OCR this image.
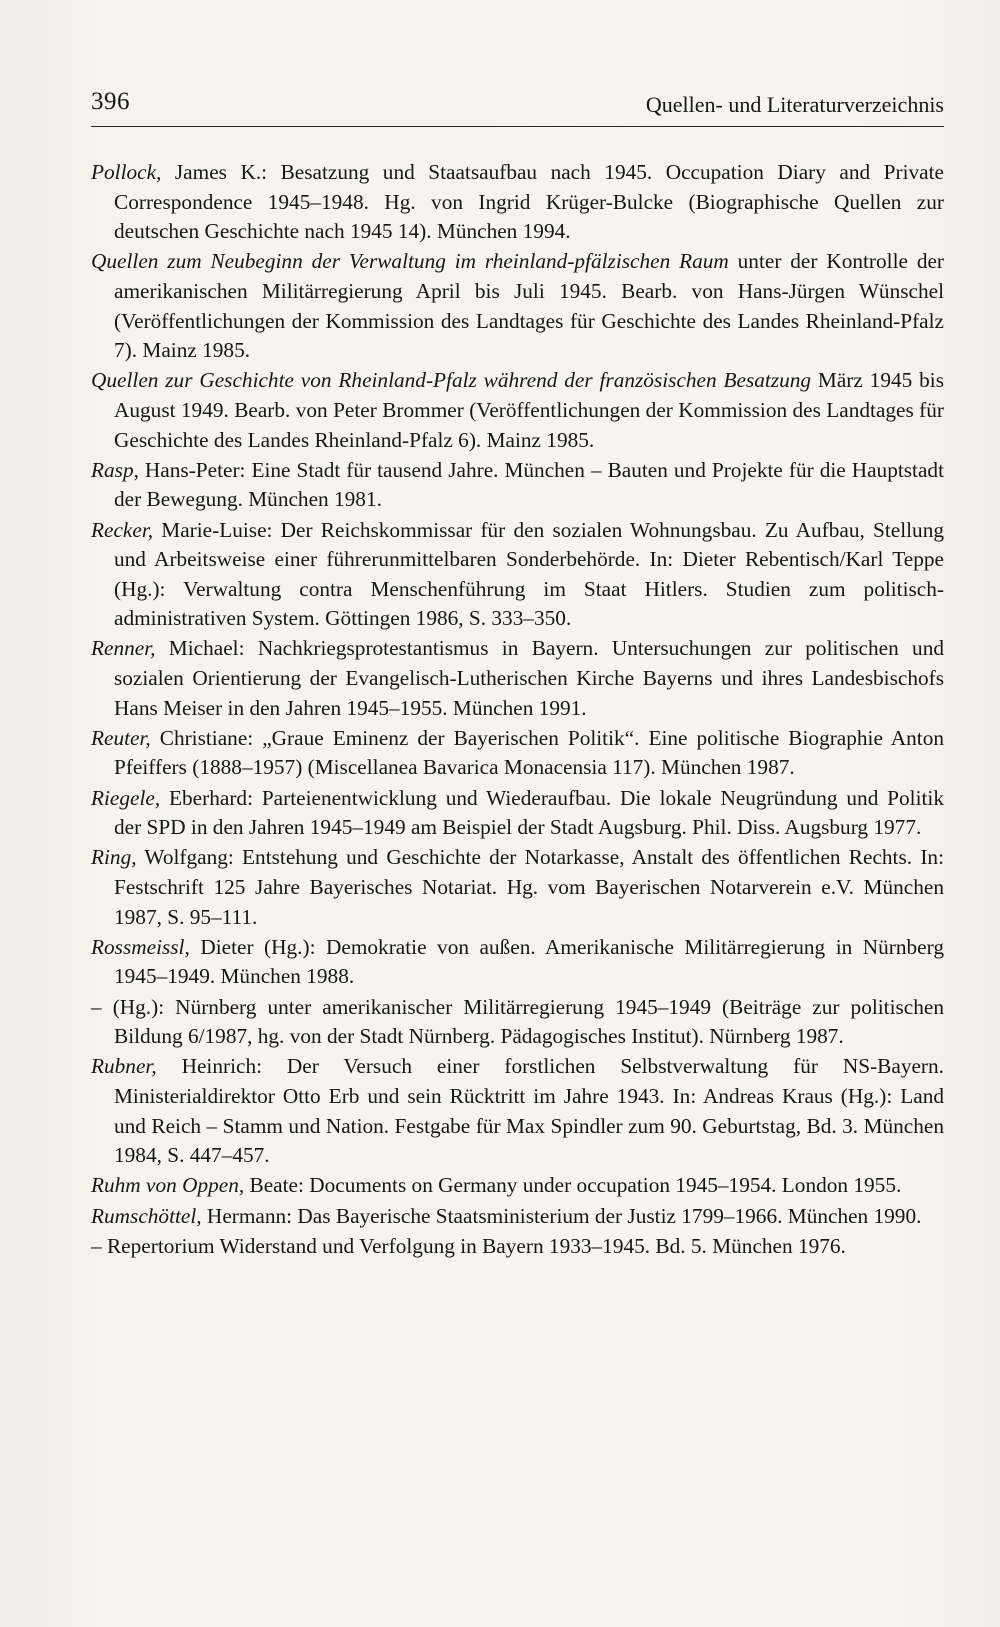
396	Quellen- und Literaturverzeichnis

Pollock, James K.: Besatzung und Staatsaufbau nach 1945. Occupation Diary and Private Correspondence 1945–1948. Hg. von Ingrid Krüger-Bulcke (Biographische Quellen zur deutschen Geschichte nach 1945 14). München 1994.

Quellen zum Neubeginn der Verwaltung im rheinland-pfälzischen Raum unter der Kontrolle der amerikanischen Militärregierung April bis Juli 1945. Bearb. von Hans-Jürgen Wünschel (Veröffentlichungen der Kommission des Landtages für Geschichte des Landes Rheinland-Pfalz 7). Mainz 1985.

Quellen zur Geschichte von Rheinland-Pfalz während der französischen Besatzung März 1945 bis August 1949. Bearb. von Peter Brommer (Veröffentlichungen der Kommission des Landtages für Geschichte des Landes Rheinland-Pfalz 6). Mainz 1985.

Rasp, Hans-Peter: Eine Stadt für tausend Jahre. München – Bauten und Projekte für die Hauptstadt der Bewegung. München 1981.

Recker, Marie-Luise: Der Reichskommissar für den sozialen Wohnungsbau. Zu Aufbau, Stellung und Arbeitsweise einer führerunmittelbaren Sonderbehörde. In: Dieter Rebentisch/Karl Teppe (Hg.): Verwaltung contra Menschenführung im Staat Hitlers. Studien zum politisch-administrativen System. Göttingen 1986, S. 333–350.

Renner, Michael: Nachkriegsprotestantismus in Bayern. Untersuchungen zur politischen und sozialen Orientierung der Evangelisch-Lutherischen Kirche Bayerns und ihres Landesbischofs Hans Meiser in den Jahren 1945–1955. München 1991.

Reuter, Christiane: „Graue Eminenz der Bayerischen Politik“. Eine politische Biographie Anton Pfeiffers (1888–1957) (Miscellanea Bavarica Monacensia 117). München 1987.

Riegele, Eberhard: Parteienentwicklung und Wiederaufbau. Die lokale Neugründung und Politik der SPD in den Jahren 1945–1949 am Beispiel der Stadt Augsburg. Phil. Diss. Augsburg 1977.

Ring, Wolfgang: Entstehung und Geschichte der Notarkasse, Anstalt des öffentlichen Rechts. In: Festschrift 125 Jahre Bayerisches Notariat. Hg. vom Bayerischen Notarverein e.V. München 1987, S. 95–111.

Rossmeissl, Dieter (Hg.): Demokratie von außen. Amerikanische Militärregierung in Nürnberg 1945–1949. München 1988.

– (Hg.): Nürnberg unter amerikanischer Militärregierung 1945–1949 (Beiträge zur politischen Bildung 6/1987, hg. von der Stadt Nürnberg. Pädagogisches Institut). Nürnberg 1987.

Rubner, Heinrich: Der Versuch einer forstlichen Selbstverwaltung für NS-Bayern. Ministerialdirektor Otto Erb und sein Rücktritt im Jahre 1943. In: Andreas Kraus (Hg.): Land und Reich – Stamm und Nation. Festgabe für Max Spindler zum 90. Geburtstag, Bd. 3. München 1984, S. 447–457.

Ruhm von Oppen, Beate: Documents on Germany under occupation 1945–1954. London 1955.

Rumschöttel, Hermann: Das Bayerische Staatsministerium der Justiz 1799–1966. München 1990.

– Repertorium Widerstand und Verfolgung in Bayern 1933–1945. Bd. 5. München 1976.
